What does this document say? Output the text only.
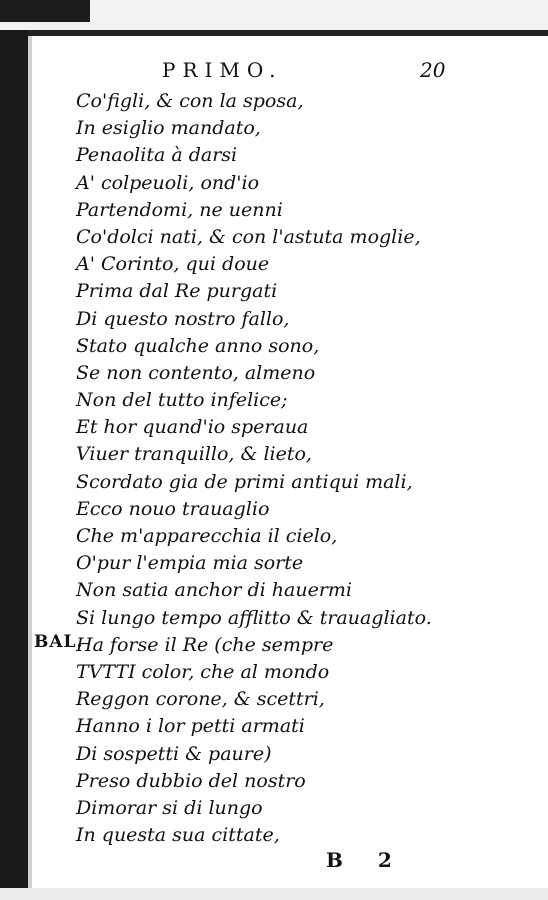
PRIMO.	20
BAL.
Co'figli, & con la sposa,
In esiglio mandato,
Penaolita à darsi
A' colpeuoli, ond'io
Partendomi, ne uenni
Co'dolci nati, & con l'astuta moglie,
A' Corinto, qui doue
Prima dal Re purgati
Di questo nostro fallo,
Stato qualche anno sono,
Se non contento, almeno
Non del tutto infelice;
Et hor quand'io speraua
Viuer tranquillo, & lieto,
Scordato gia de primi antiqui mali,
Ecco nouo trauaglio
Che m'apparecchia il cielo,
O'pur l'empia mia sorte
Non satia anchor di hauermi
Si lungo tempo afflitto & trauagliato.
Ha forse il Re (che sempre
TVTTI color, che al mondo
Reggon corone, & scettri,
Hanno i lor petti armati
Di sospetti & paure)
Preso dubbio del nostro
Dimorar si di lungo
In questa sua cittate,
B 2
